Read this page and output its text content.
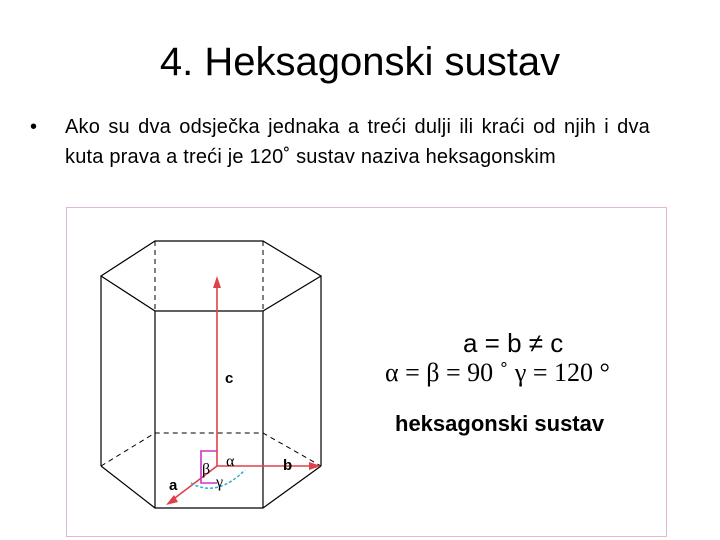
4. Heksagonski sustav
• Ako su dva odsječka jednaka a treći dulji ili kraći od njih i dva kuta prava a treći je 120˚ sustav naziva heksagonskim
c
b
a
β α
γ
a = b ≠ c
α = β = 90 ˚ γ = 120 °
heksagonski sustav
